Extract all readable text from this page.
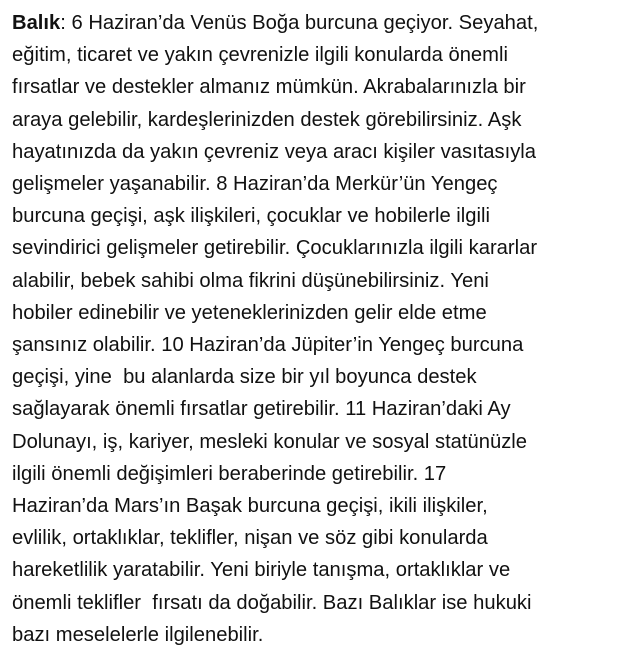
Balık: 6 Haziran’da Venüs Boğa burcuna geçiyor. Seyahat,
eğitim, ticaret ve yakın çevrenizle ilgili konularda önemli
fırsatlar ve destekler almanız mümkün. Akrabalarınızla bir
araya gelebilir, kardeşlerinizden destek görebilirsiniz. Aşk
hayatınızda da yakın çevreniz veya aracı kişiler vasıtasıyla
gelişmeler yaşanabilir. 8 Haziran’da Merkür’ün Yengeç
burcuna geçişi, aşk ilişkileri, çocuklar ve hobilerle ilgili
sevindirici gelişmeler getirebilir. Çocuklarınızla ilgili kararlar
alabilir, bebek sahibi olma fikrini düşünebilirsiniz. Yeni
hobiler edinebilir ve yeteneklerinizden gelir elde etme
şansınız olabilir. 10 Haziran’da Jüpiter’in Yengeç burcuna
geçişi, yine  bu alanlarda size bir yıl boyunca destek
sağlayarak önemli fırsatlar getirebilir. 11 Haziran’daki Ay
Dolunayı, iş, kariyer, mesleki konular ve sosyal statünüzle
ilgili önemli değişimleri beraberinde getirebilir. 17
Haziran’da Mars’ın Başak burcuna geçişi, ikili ilişkiler,
evlilik, ortaklıklar, teklifler, nişan ve söz gibi konularda
hareketlilik yaratabilir. Yeni biriyle tanışma, ortaklıklar ve
önemli teklifler  fırsatı da doğabilir. Bazı Balıklar ise hukuki
bazı meselelerle ilgilenebilir.
